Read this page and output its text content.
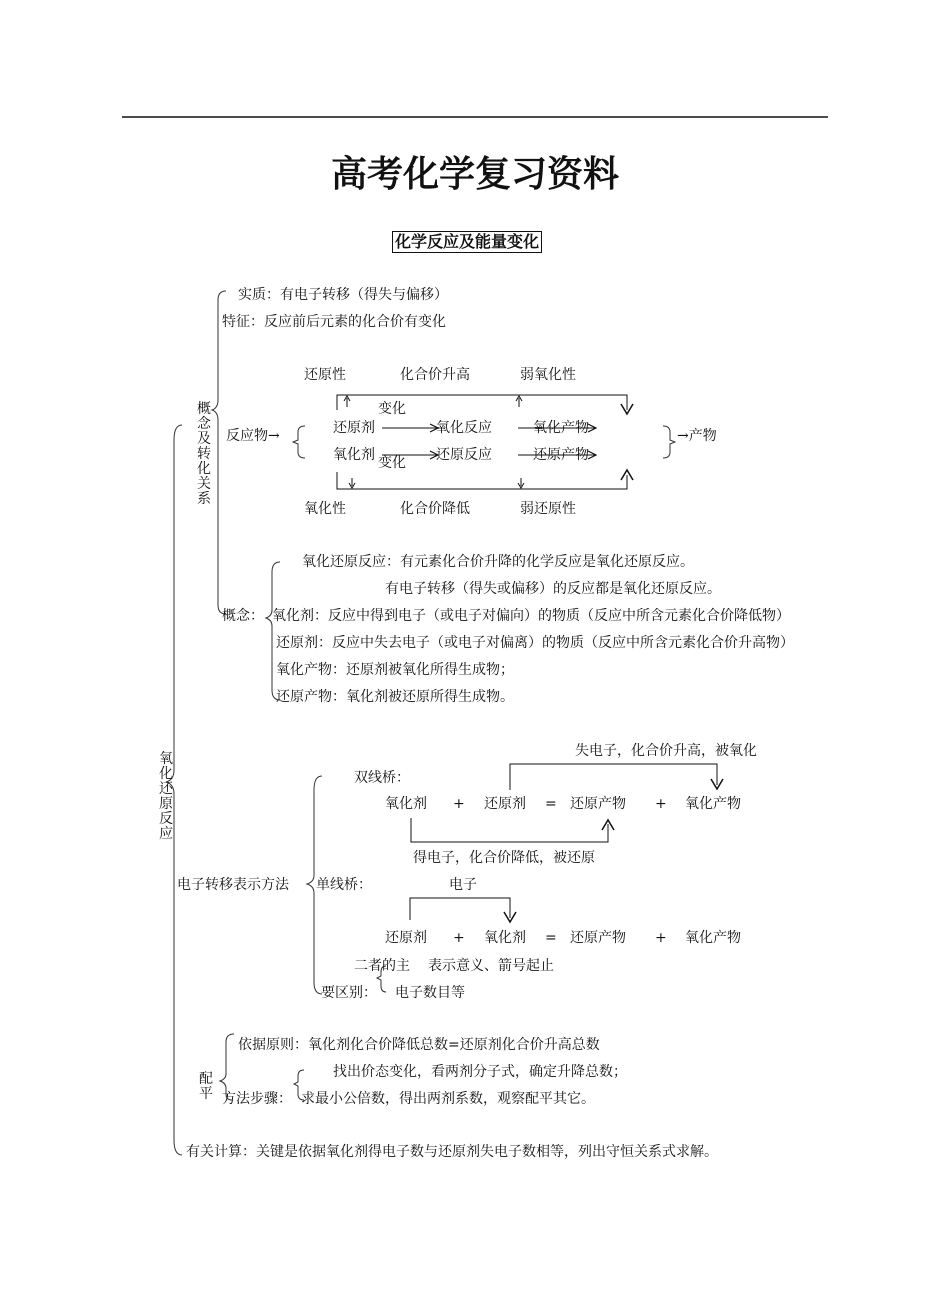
高考化学复习资料
化学反应及能量变化
氧化还原反应
概念及转化关系
实质：有电子转移（得失与偏移）
特征：反应前后元素的化合价有变化
还原性	化合价升高	弱氧化性
变化
反应物→	还原剂	氧化反应	氧化产物
氧化剂	还原反应	还原产物
变化
→产物
氧化性	化合价降低	弱还原性
概念：
氧化还原反应：有元素化合价升降的化学反应是氧化还原反应。
有电子转移（得失或偏移）的反应都是氧化还原反应。
氧化剂：反应中得到电子（或电子对偏向）的物质（反应中所含元素化合价降低物）
还原剂：反应中失去电子（或电子对偏离）的物质（反应中所含元素化合价升高物）
氧化产物：还原剂被氧化所得生成物；
还原产物：氧化剂被还原所得生成物。
电子转移表示方法
双线桥：
失电子，化合价升高，被氧化
氧化剂 + 还原剂 = 还原产物 + 氧化产物
得电子，化合价降低，被还原
单线桥：	电子
还原剂 + 氧化剂 = 还原产物 + 氧化产物
二者的主 表示意义、箭号起止
要区别： 电子数目等
配平
依据原则：氧化剂化合价降低总数=还原剂化合价升高总数
找出价态变化，看两剂分子式，确定升降总数；
方法步骤： 求最小公倍数，得出两剂系数，观察配平其它。
有关计算：关键是依据氧化剂得电子数与还原剂失电子数相等，列出守恒关系式求解。
